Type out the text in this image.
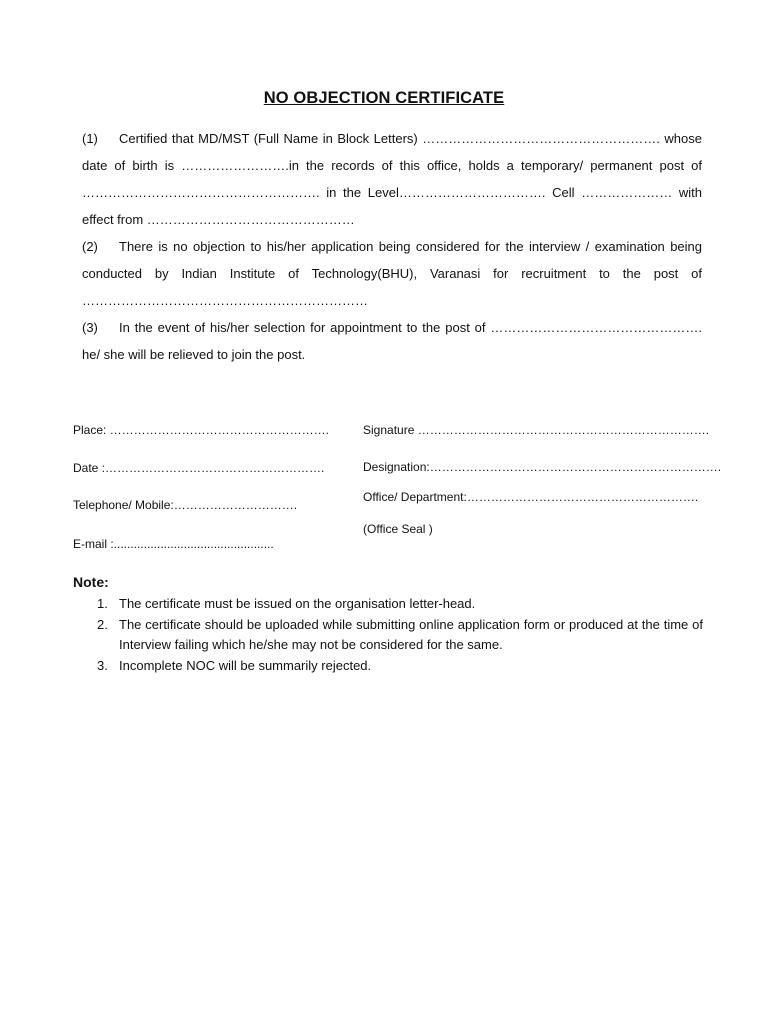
NO OBJECTION CERTIFICATE

(1) Certified that MD/MST (Full Name in Block Letters) ………………………………………………. whose date of birth is …………………….in the records of this office, holds a temporary/ permanent post of ………………………………………………. in the Level……………………………. Cell ………………… with effect from …………………………………………

(2) There is no objection to his/her application being considered for the interview / examination being conducted by Indian Institute of Technology(BHU), Varanasi for recruitment to the post of …………………………………………………………

(3) In the event of his/her selection for appointment to the post of …………………………………………. he/ she will be relieved to join the post.

Place: ……………………………………………….
Date :……………………………………………….
Telephone/ Mobile:………………………….
E-mail :................................................
Signature ……………………………………………………………….
Designation:……………………………………………………………….
Office/ Department:………………………………………………….
(Office Seal )
Note:
1. The certificate must be issued on the organisation letter-head.
2. The certificate should be uploaded while submitting online application form or produced at the time of Interview failing which he/she may not be considered for the same.
3. Incomplete NOC will be summarily rejected.
